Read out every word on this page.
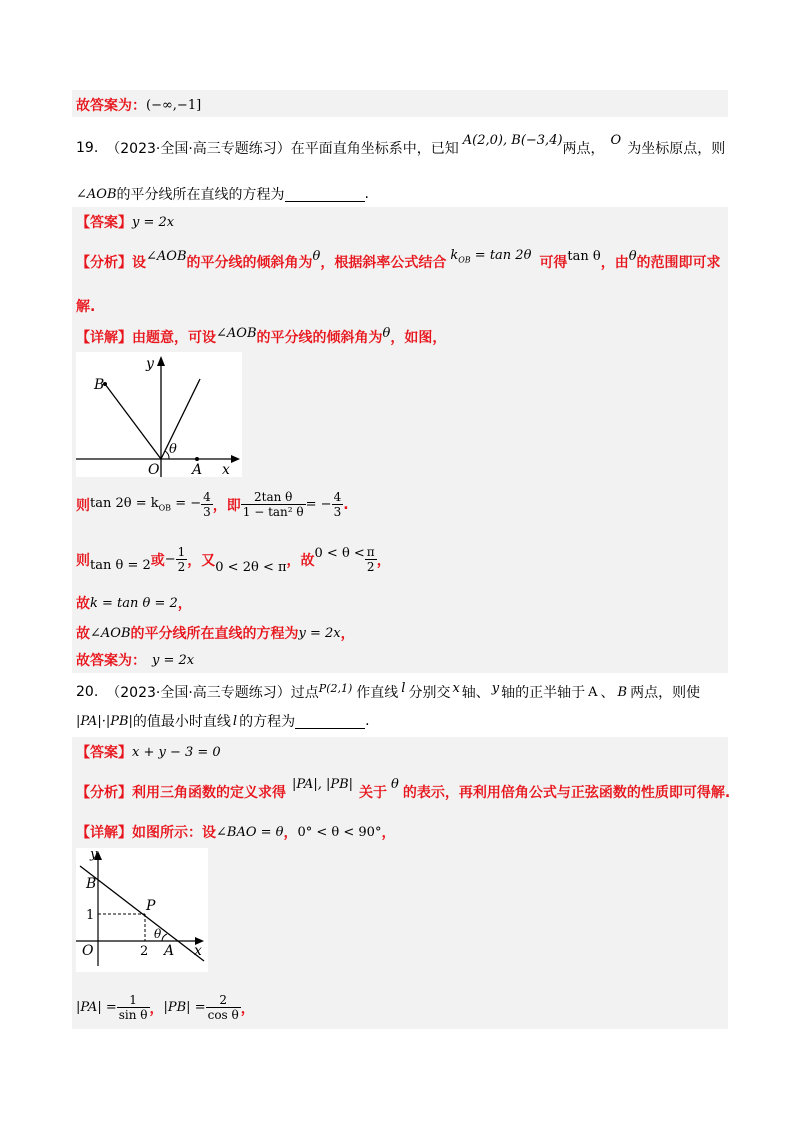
故答案为： (−∞,−1]
19. （2023·全国·高三专题练习） 在平面直角坐标系中，已知
A(2,0), B(−3,4)
两点，
O
为坐标原点，则
∠AOB 的平分线所在直线的方程为	.
【答案】 y = 2x
【分析】 设 ∠AOB 的平分线的倾斜角为 θ ，根据斜率公式结合 $k_{OB} = \tan 2\theta$ 可得 tan θ ，由 θ 的范围即可求
解.
【详解】 由题意，可设 ∠AOB 的平分线的倾斜角为 θ ，如图，
B
y
θ
O A x
则 $\tan 2\theta = k_{OB}$ = − $\frac{4}{3}$ ，即 $\frac{\text{2tan θ}}{\text{1 − tan² θ}}$ = − $\frac{4}{3}$ .
则 tan θ = 2 或 − $\frac{1}{2}$ ，又 0 < 2θ < π ，故 $0 < \theta < \frac{\pi}{2}$ ，
故 k = tan θ = 2 ，
故 ∠AOB 的平分线所在直线的方程为 y = 2x ，
故答案为： y = 2x
20. （2023·全国·高三专题练习） 过点 P(2,1) 作直线 l 分别交 x 轴、 y 轴的正半轴于 A 、 B 两点，则使
|PA|·|PB| 的值最小时直线 l 的方程为	.
【答案】 x + y − 3 = 0
【分析】 利用三角函数的定义求得
|PA|, |PB|
关于
θ
的表示，再利用倍角公式与正弦函数的性质即可得解.
【详解】 如图所示：设 ∠BAO = θ ， 0° < θ < 90° ，
y
B
P
1
O	2
θ
A x
$|PA| = \frac{1}{\text{sin θ}}$ ， $|PB| = \frac{2}{\text{cos θ}}$ ，
